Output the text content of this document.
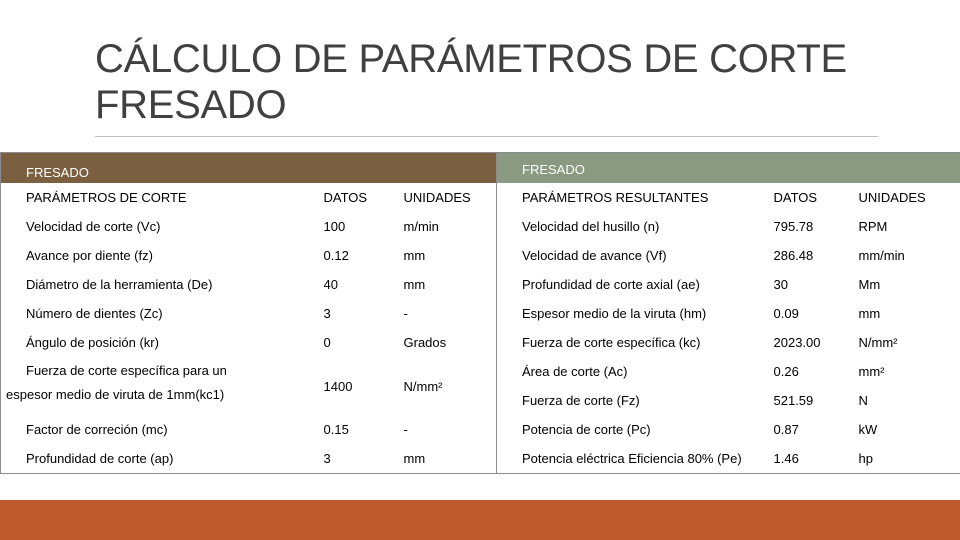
CÁLCULO DE PARÁMETROS DE CORTE
FRESADO
FRESADO		

PARÁMETROS DE CORTE	DATOS	UNIDADES
Velocidad de corte (Vc)	100	m/min
Avance por diente (fz)	0.12	mm
Diámetro de la herramienta (De)	40	mm
Número de dientes (Zc)	3	-
Ángulo de posición (kr)	0	Grados

Fuerza de corte específica para un
espesor medio de viruta de 1mm(kc1)	1400	N/mm²
Factor de correción (mc)	0.15	-
Profundidad de corte (ap)	3	mm
FRESADO		

PARÁMETROS RESULTANTES	DATOS	UNIDADES
Velocidad del husillo (n)	795.78	RPM
Velocidad de avance (Vf)	286.48	mm/min
Profundidad de corte axial (ae)	30	Mm
Espesor medio de la viruta (hm)	0.09	mm
Fuerza de corte específica (kc)	2023.00	N/mm²
Área de corte (Ac)	0.26	mm²
Fuerza de corte (Fz)	521.59	N
Potencia de corte (Pc)	0.87	kW
Potencia eléctrica Eficiencia 80% (Pe)	1.46	hp
